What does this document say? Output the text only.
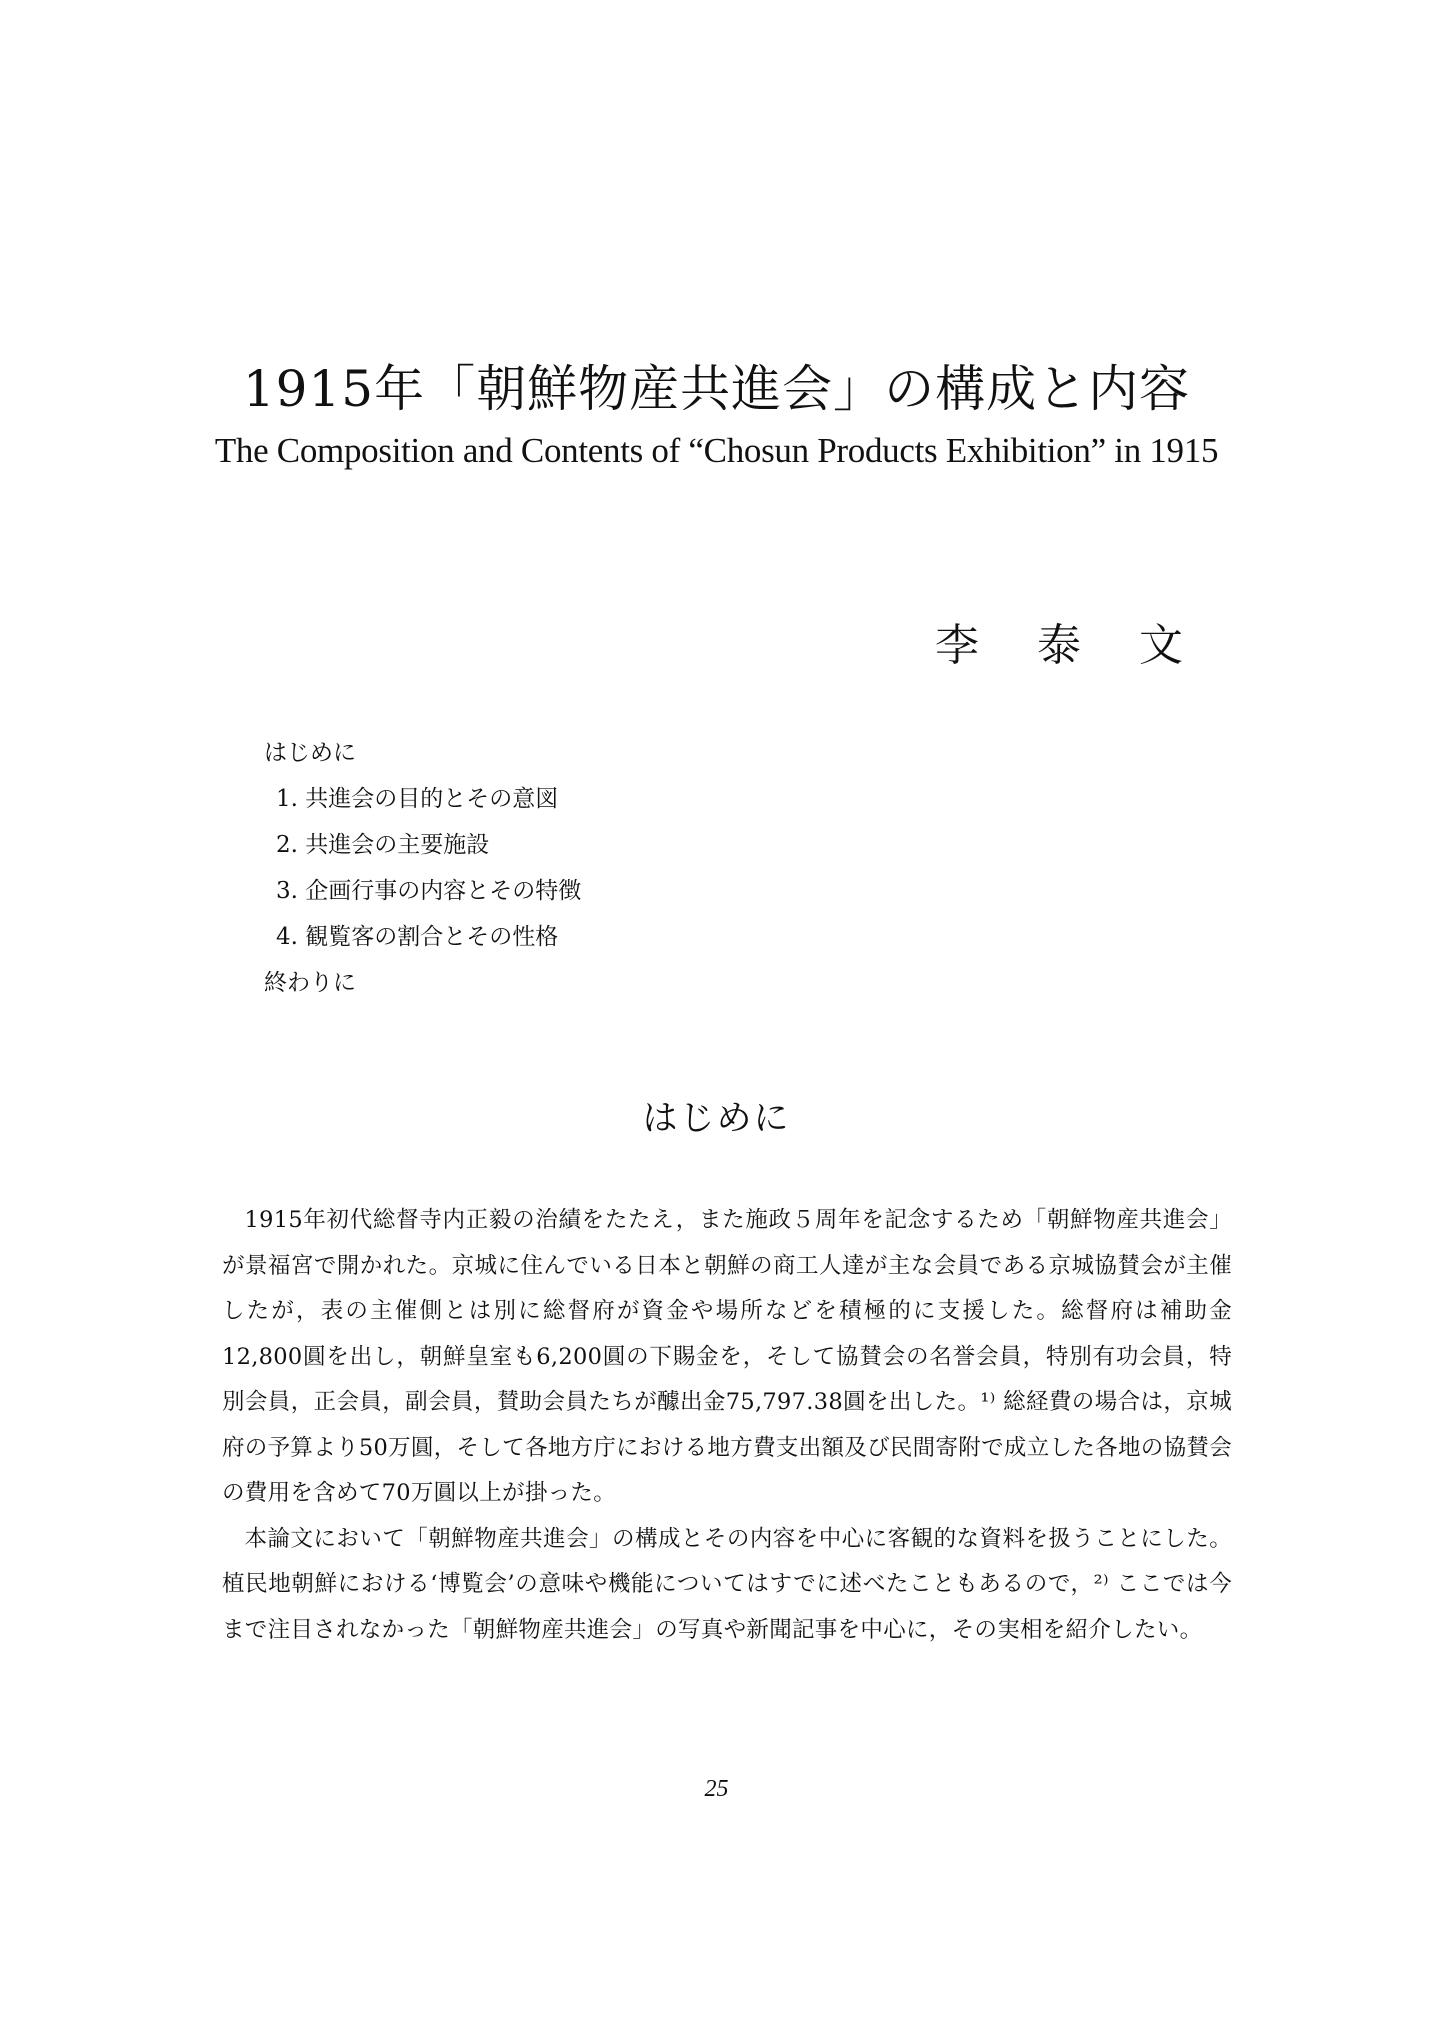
1915年「朝鮮物産共進会」の構成と内容
The Composition and Contents of “Chosun Products Exhibition” in 1915
李 泰 文
はじめに
1. 共進会の目的とその意図
2. 共進会の主要施設
3. 企画行事の内容とその特徴
4. 観覧客の割合とその性格
終わりに
はじめに

1915年初代総督寺内正毅の治績をたたえ，また施政５周年を記念するため「朝鮮物産共進会」が景福宮で開かれた。京城に住んでいる日本と朝鮮の商工人達が主な会員である京城協賛会が主催したが，表の主催側とは別に総督府が資金や場所などを積極的に支援した。総督府は補助金12,800圓を出し，朝鮮皇室も6,200圓の下賜金を，そして協賛会の名誉会員，特別有功会員，特別会員，正会員，副会員，賛助会員たちが醵出金75,797.38圓を出した。¹⁾ 総経費の場合は，京城府の予算より50万圓，そして各地方庁における地方費支出額及び民間寄附で成立した各地の協賛会の費用を含めて70万圓以上が掛った。

本論文において「朝鮮物産共進会」の構成とその内容を中心に客観的な資料を扱うことにした。植民地朝鮮における‘博覧会’の意味や機能についてはすでに述べたこともあるので，²⁾ ここでは今まで注目されなかった「朝鮮物産共進会」の写真や新聞記事を中心に，その実相を紹介したい。

25
